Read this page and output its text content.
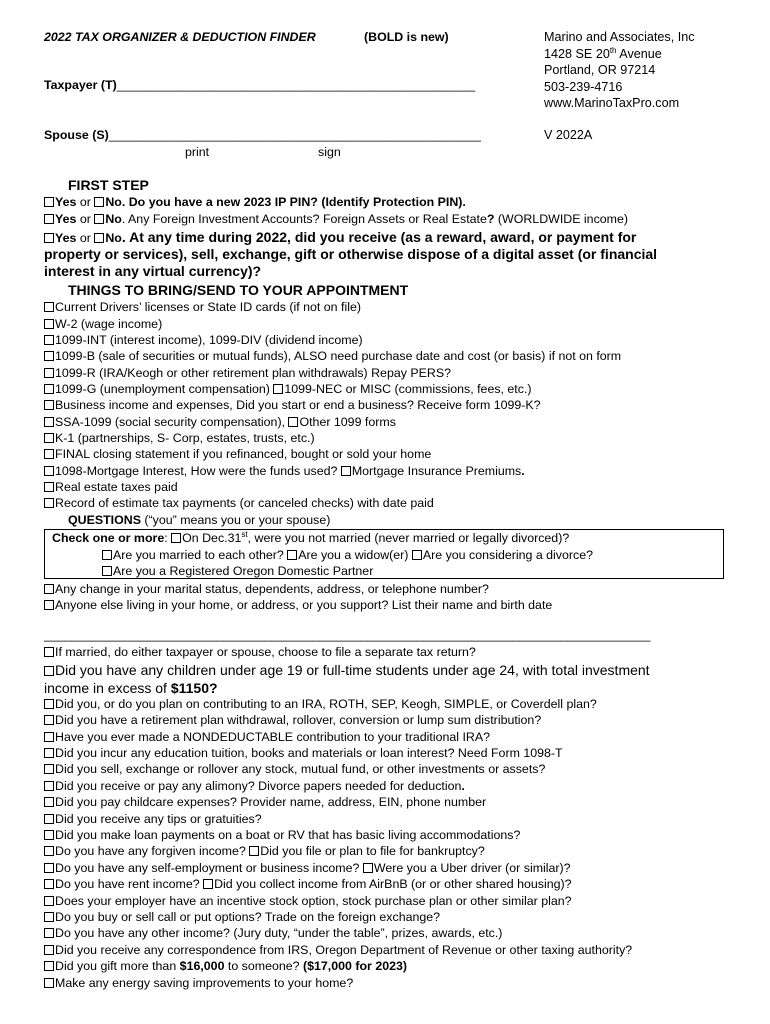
2022 TAX ORGANIZER & DEDUCTION FINDER	(BOLD is new)
Taxpayer (T)____________________________________________________
Spouse (S)______________________________________________________
print	sign
Marino and Associates, Inc
1428 SE 20th Avenue
Portland, OR 97214
503-239-4716
www.MarinoTaxPro.com
V 2022A
FIRST STEP
Yes or No. Do you have a new 2023 IP PIN? (Identify Protection PIN).
Yes or No. Any Foreign Investment Accounts? Foreign Assets or Real Estate? (WORLDWIDE income)
Yes or No. At any time during 2022, did you receive (as a reward, award, or payment for
property or services), sell, exchange, gift or otherwise dispose of a digital asset (or financial
interest in any virtual currency)?
THINGS TO BRING/SEND TO YOUR APPOINTMENT
Current Drivers’ licenses or State ID cards (if not on file)
W-2 (wage income)
1099-INT (interest income), 1099-DIV (dividend income)
1099-B (sale of securities or mutual funds), ALSO need purchase date and cost (or basis) if not on form
1099-R (IRA/Keogh or other retirement plan withdrawals) Repay PERS?
1099-G (unemployment compensation) 1099-NEC or MISC (commissions, fees, etc.)
Business income and expenses, Did you start or end a business? Receive form 1099-K?
SSA-1099 (social security compensation), Other 1099 forms
K-1 (partnerships, S- Corp, estates, trusts, etc.)
FINAL closing statement if you refinanced, bought or sold your home
1098-Mortgage Interest, How were the funds used? Mortgage Insurance Premiums.
Real estate taxes paid
Record of estimate tax payments (or canceled checks) with date paid
QUESTIONS (“you” means you or your spouse)
Check one or more: On Dec.31st, were you not married (never married or legally divorced)?
Are you married to each other? Are you a widow(er) Are you considering a divorce?
Are you a Registered Oregon Domestic Partner
Any change in your marital status, dependents, address, or telephone number?
Anyone else living in your home, or address, or you support? List their name and birth date
________________________________________________________________________________________
If married, do either taxpayer or spouse, choose to file a separate tax return?
Did you have any children under age 19 or full-time students under age 24, with total investment
income in excess of $1150?
Did you, or do you plan on contributing to an IRA, ROTH, SEP, Keogh, SIMPLE, or Coverdell plan?
Did you have a retirement plan withdrawal, rollover, conversion or lump sum distribution?
Have you ever made a NONDEDUCTABLE contribution to your traditional IRA?
Did you incur any education tuition, books and materials or loan interest? Need Form 1098-T
Did you sell, exchange or rollover any stock, mutual fund, or other investments or assets?
Did you receive or pay any alimony? Divorce papers needed for deduction.
Did you pay childcare expenses? Provider name, address, EIN, phone number
Did you receive any tips or gratuities?
Did you make loan payments on a boat or RV that has basic living accommodations?
Do you have any forgiven income? Did you file or plan to file for bankruptcy?
Do you have any self-employment or business income? Were you a Uber driver (or similar)?
Do you have rent income? Did you collect income from AirBnB (or or other shared housing)?
Does your employer have an incentive stock option, stock purchase plan or other similar plan?
Do you buy or sell call or put options? Trade on the foreign exchange?
Do you have any other income? (Jury duty, “under the table”, prizes, awards, etc.)
Did you receive any correspondence from IRS, Oregon Department of Revenue or other taxing authority?
Did you gift more than $16,000 to someone? ($17,000 for 2023)
Make any energy saving improvements to your home?
